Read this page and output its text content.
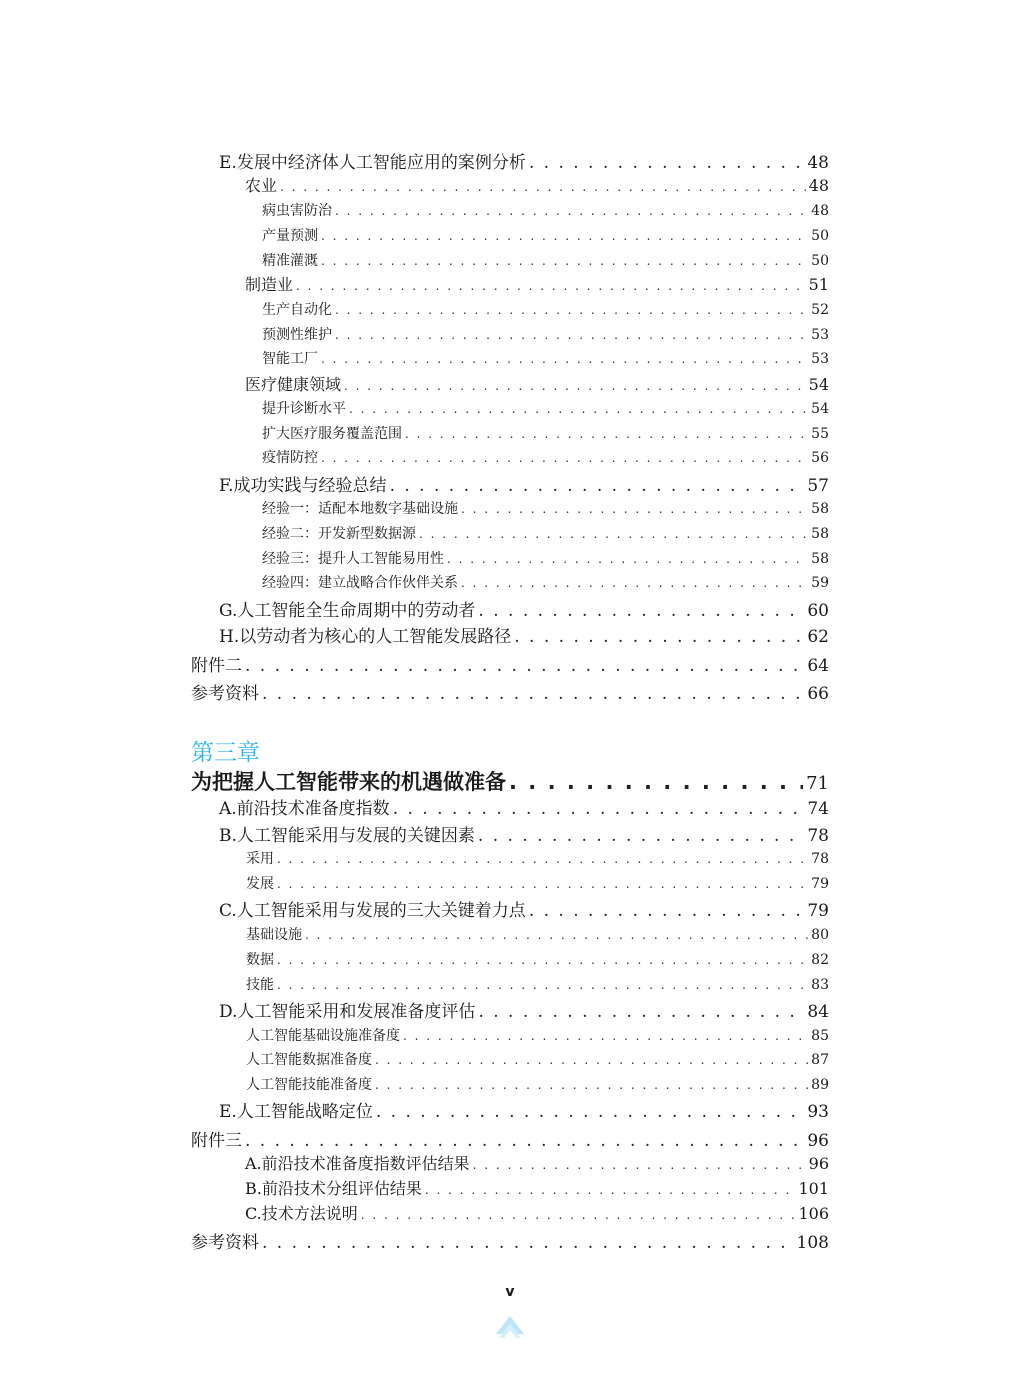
E.发展中经济体人工智能应用的案例分析 . . .	48
农业 . . .	48
病虫害防治 . . .	48
产量预测 . . .	50
精准灌溉 . . .	50
制造业 . . .	51
生产自动化 . . .	52
预测性维护 . . .	53
智能工厂 . . .	53
医疗健康领域 . . .	54
提升诊断水平 . . .	54
扩大医疗服务覆盖范围 . . .	55
疫情防控 . . .	56
F.成功实践与经验总结 . . .	57
经验一：适配本地数字基础设施 . . .	58
经验二：开发新型数据源 . . .	58
经验三：提升人工智能易用性 . . .	58
经验四：建立战略合作伙伴关系 . . .	59
G.人工智能全生命周期中的劳动者 . . .	60
H.以劳动者为核心的人工智能发展路径 . . .	62
附件二 . . .	64
参考资料 . . .	66
第三章
为把握人工智能带来的机遇做准备 . . .	71
A.前沿技术准备度指数 . . .	74
B.人工智能采用与发展的关键因素 . . .	78
采用 . . .	78
发展 . . .	79
C.人工智能采用与发展的三大关键着力点 . . .	79
基础设施 . . .	80
数据 . . .	82
技能 . . .	83
D.人工智能采用和发展准备度评估 . . .	84
人工智能基础设施准备度 . . .	85
人工智能数据准备度 . . .	87
人工智能技能准备度 . . .	89
E.人工智能战略定位 . . .	93
附件三 . . .	96
A.前沿技术准备度指数评估结果 . . .	96
B.前沿技术分组评估结果 . . .	101
C.技术方法说明 . . .	106
参考资料 . . .	108
v
